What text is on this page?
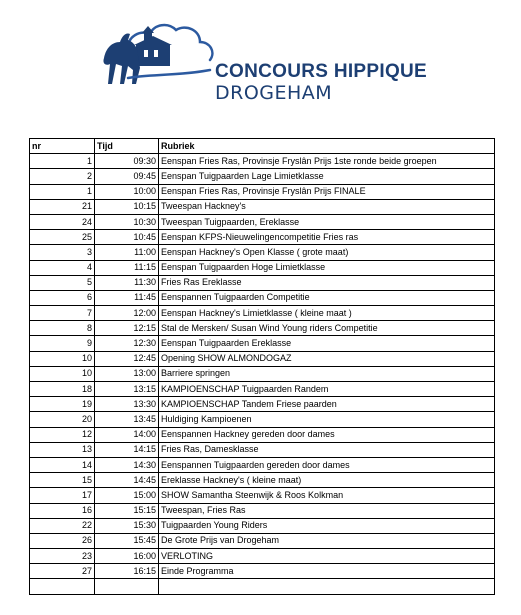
CONCOURS HIPPIQUE
DROGEHAM
nr	Tijd	Rubriek
1	09:30	Eenspan Fries Ras, Provinsje Fryslân Prijs 1ste ronde beide groepen
2	09:45	Eenspan Tuigpaarden Lage Limietklasse
1	10:00	Eenspan Fries Ras, Provinsje Fryslân Prijs FINALE
21	10:15	Tweespan Hackney's
24	10:30	Tweespan Tuigpaarden, Ereklasse
25	10:45	Eenspan KFPS-Nieuwelingencompetitie Fries ras
3	11:00	Eenspan Hackney's Open Klasse ( grote maat)
4	11:15	Eenspan Tuigpaarden Hoge Limietklasse
5	11:30	Fries Ras Ereklasse
6	11:45	Eenspannen Tuigpaarden Competitie
7	12:00	Eenspan Hackney's Limietklasse ( kleine maat )
8	12:15	Stal de Mersken/ Susan Wind Young riders Competitie
9	12:30	Eenspan Tuigpaarden Ereklasse
10	12:45	Opening SHOW ALMONDOGAZ
10	13:00	Barriere springen
18	13:15	KAMPIOENSCHAP Tuigpaarden Randem
19	13:30	KAMPIOENSCHAP Tandem Friese paarden
20	13:45	Huldiging Kampioenen
12	14:00	Eenspannen Hackney gereden door dames
13	14:15	Fries Ras, Damesklasse
14	14:30	Eenspannen Tuigpaarden gereden door dames
15	14:45	Ereklasse Hackney's ( kleine maat)
17	15:00	SHOW Samantha Steenwijk & Roos Kolkman
16	15:15	Tweespan, Fries Ras
22	15:30	Tuigpaarden Young Riders
26	15:45	De Grote Prijs van Drogeham
23	16:00	VERLOTING
27	16:15	Einde Programma
